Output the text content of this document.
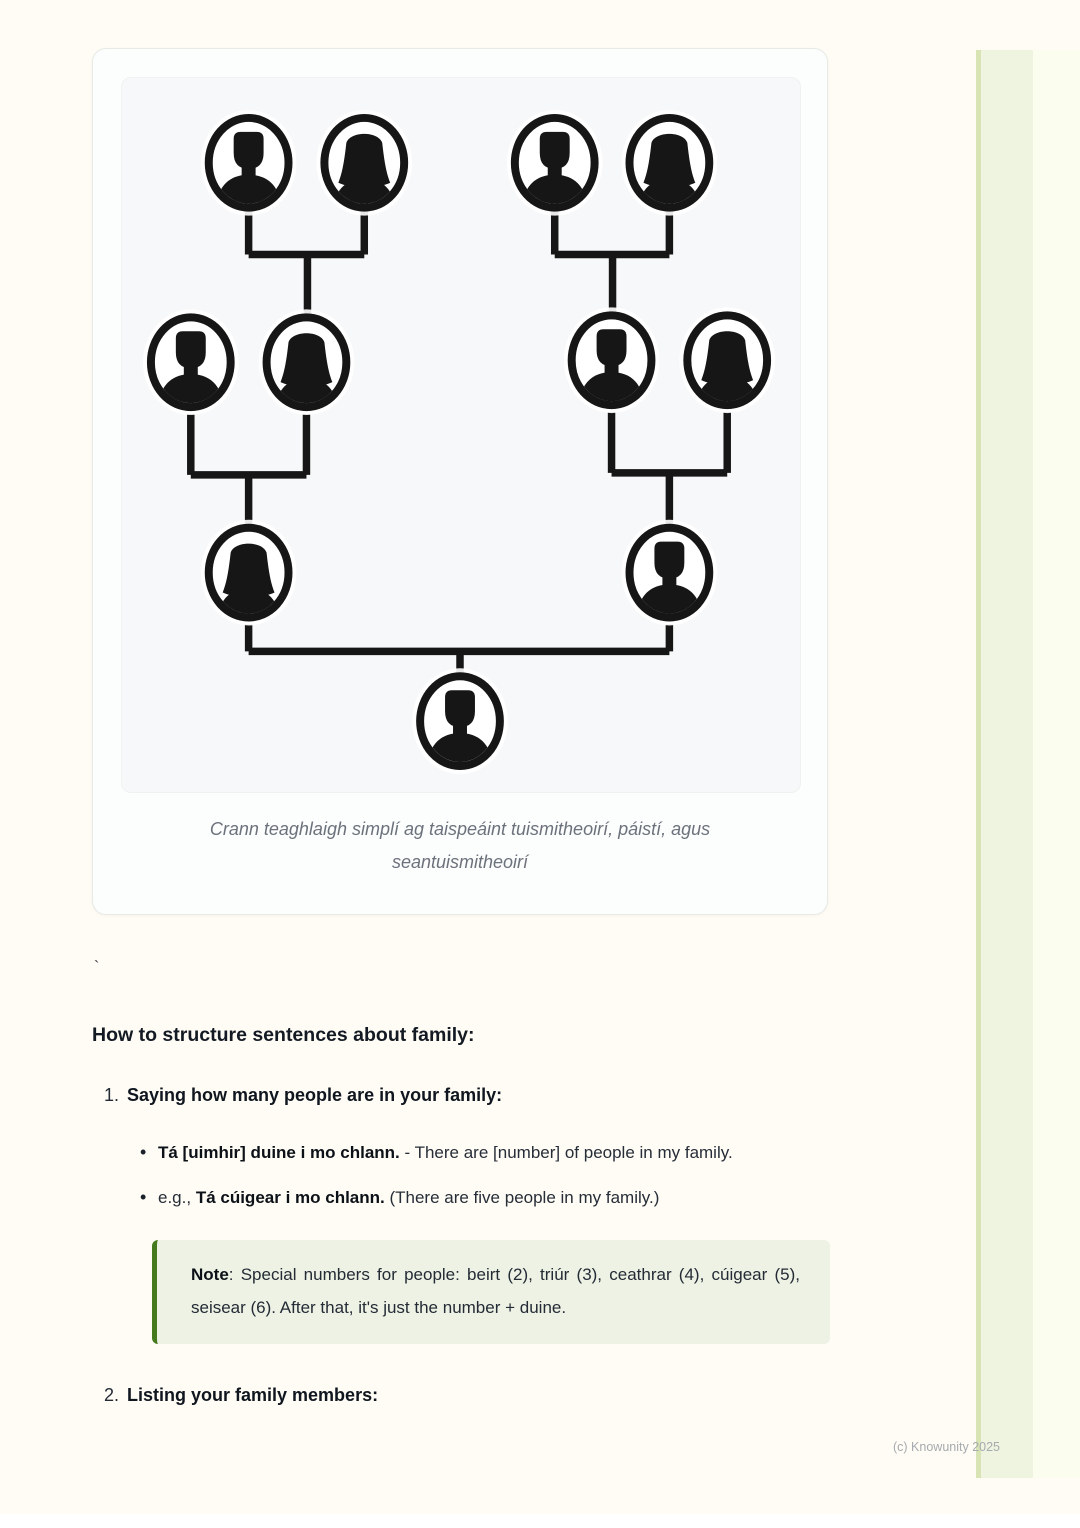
Crann teaghlaigh simplí ag taispeáint tuismitheoirí, páistí, agus seantuismitheoirí

`
How to structure sentences about family:
1. Saying how many people are in your family:

• Tá [uimhir] duine i mo chlann. - There are [number] of people in my family.

• e.g., Tá cúigear i mo chlann. (There are five people in my family.)

Note: Special numbers for people: beirt (2), triúr (3), ceathrar (4), cúigear (5), seisear (6). After that, it's just the number + duine.
2. Listing your family members:
(c) Knowunity 2025
